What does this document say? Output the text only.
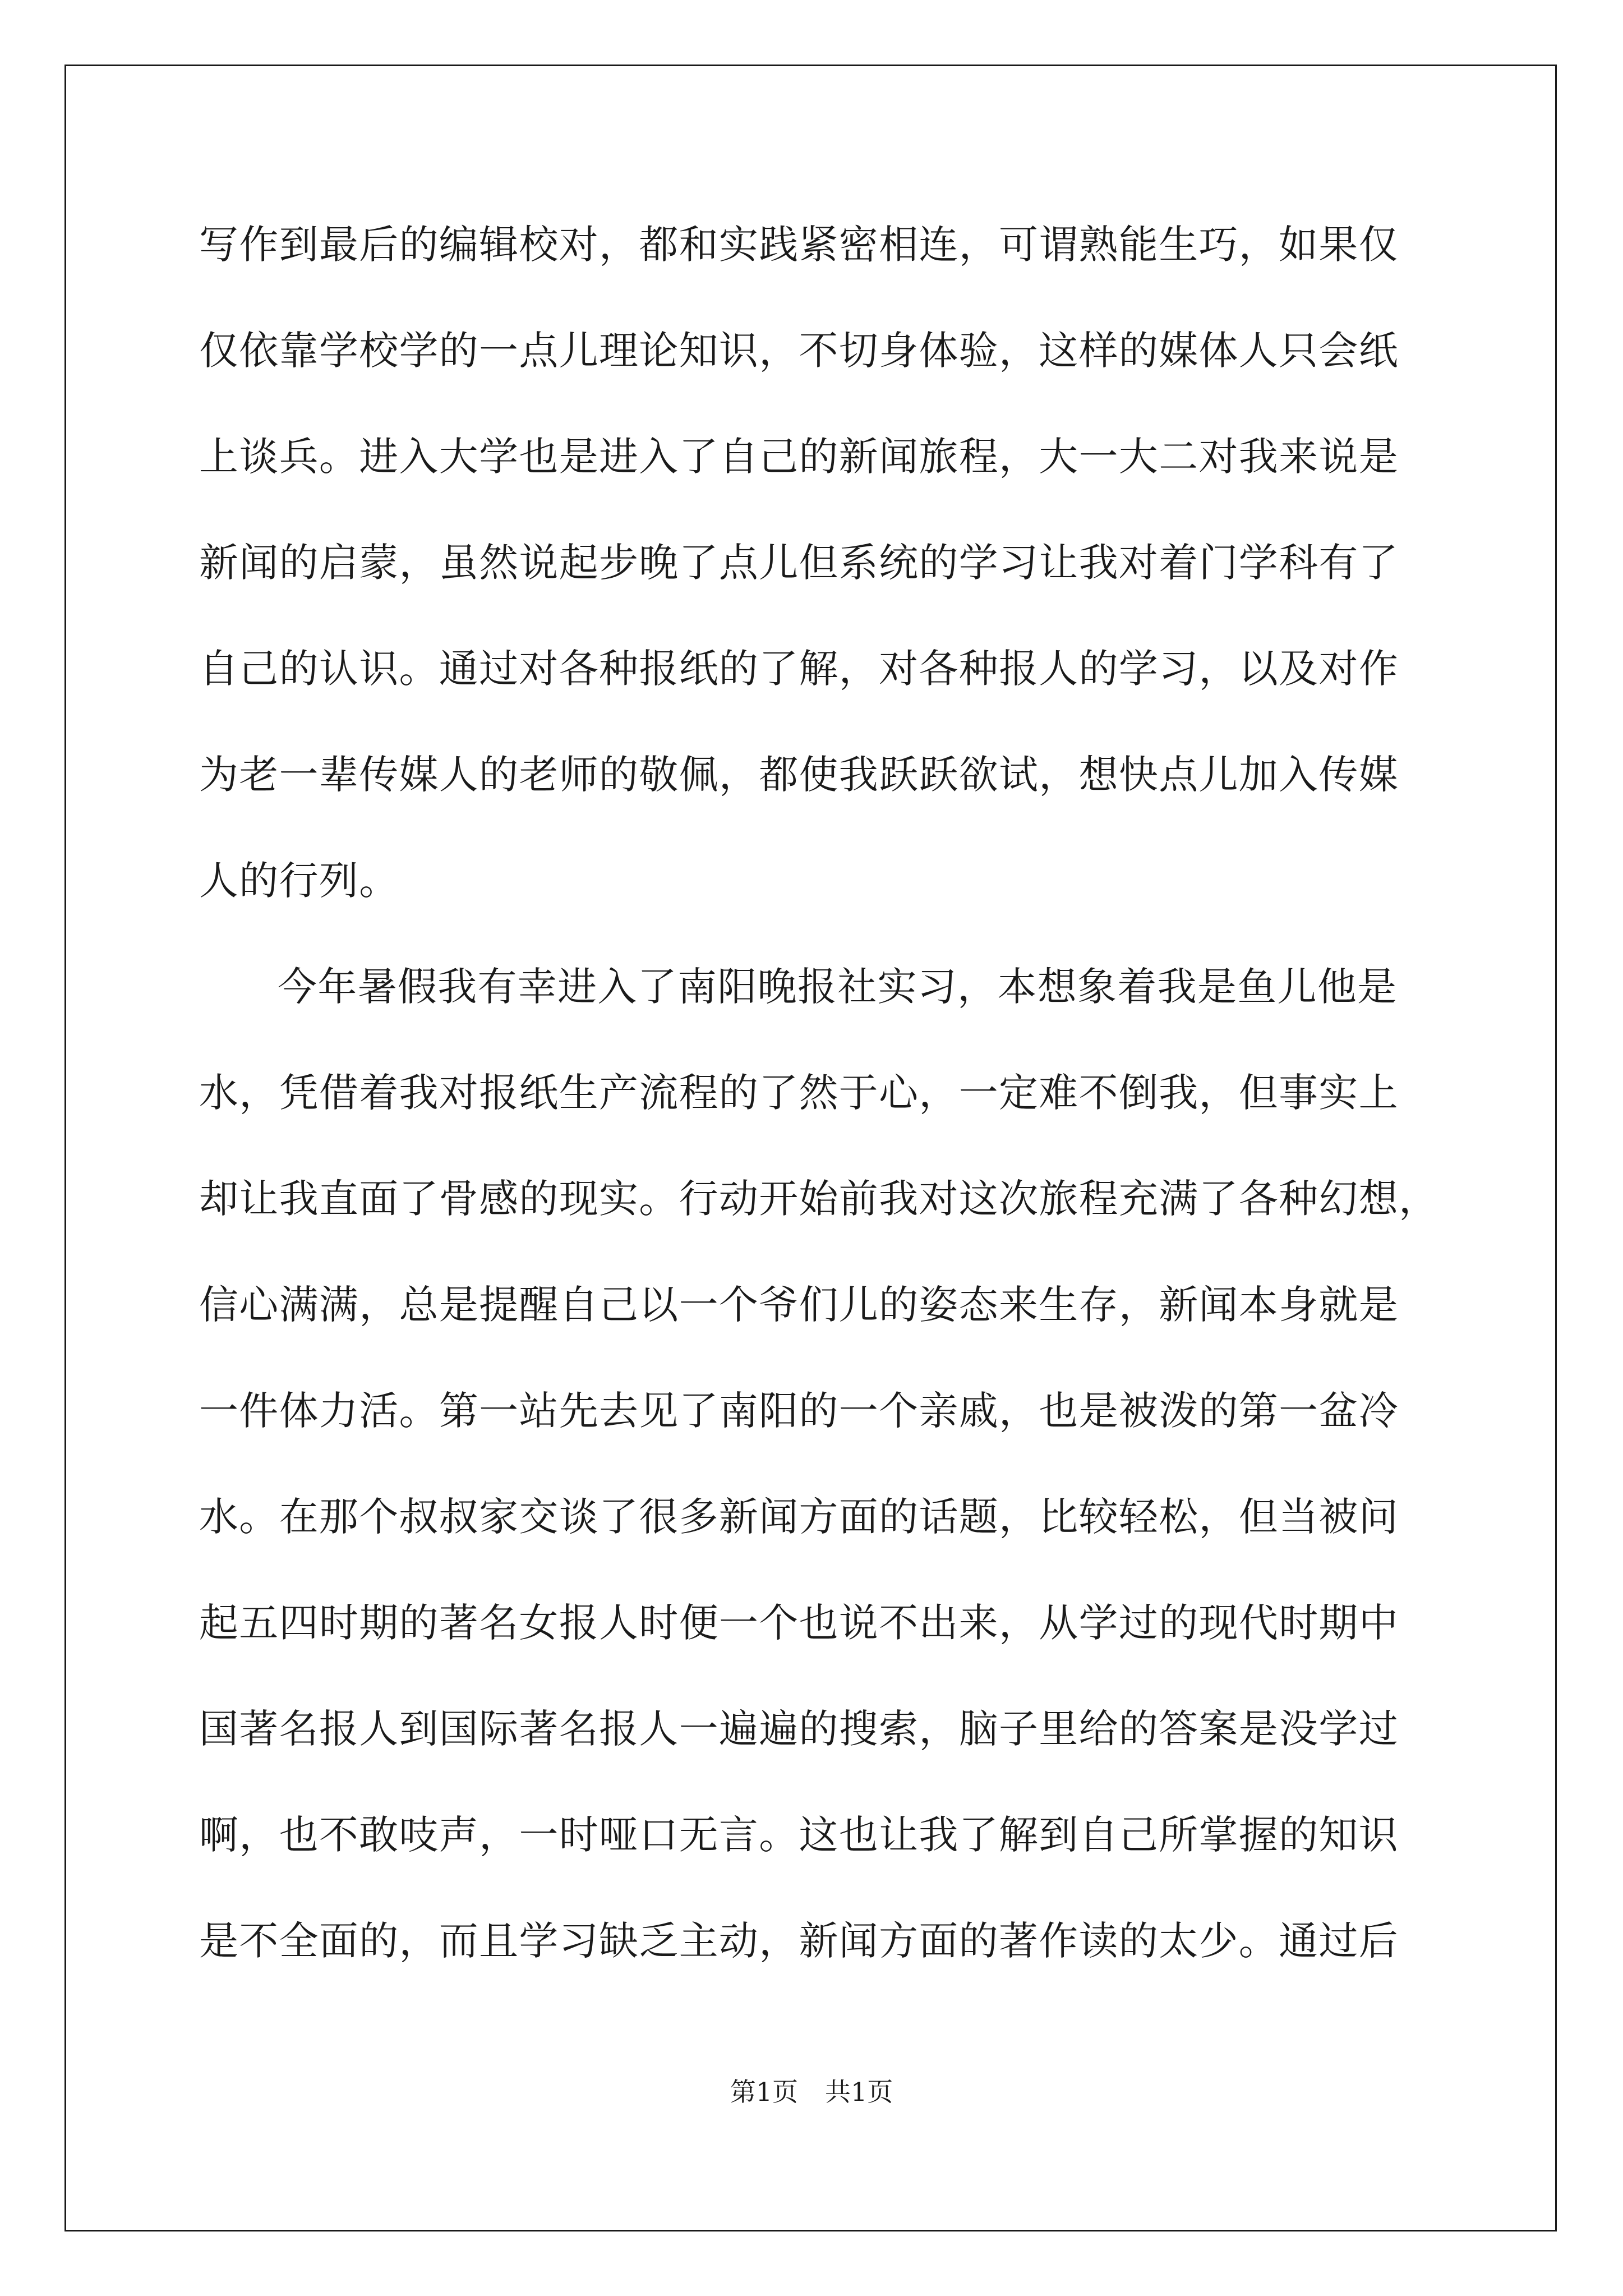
写作到最后的编辑校对，都和实践紧密相连，可谓熟能生巧，如果仅
仅依靠学校学的一点儿理论知识，不切身体验，这样的媒体人只会纸
上谈兵。进入大学也是进入了自己的新闻旅程，大一大二对我来说是
新闻的启蒙，虽然说起步晚了点儿但系统的学习让我对着门学科有了
自己的认识。通过对各种报纸的了解，对各种报人的学习，以及对作
为老一辈传媒人的老师的敬佩，都使我跃跃欲试，想快点儿加入传媒
人的行列。
今年暑假我有幸进入了南阳晚报社实习，本想象着我是鱼儿他是
水，凭借着我对报纸生产流程的了然于心，一定难不倒我，但事实上
却让我直面了骨感的现实。行动开始前我对这次旅程充满了各种幻想，
信心满满，总是提醒自己以一个爷们儿的姿态来生存，新闻本身就是
一件体力活。第一站先去见了南阳的一个亲戚，也是被泼的第一盆冷
水。在那个叔叔家交谈了很多新闻方面的话题，比较轻松，但当被问
起五四时期的著名女报人时便一个也说不出来，从学过的现代时期中
国著名报人到国际著名报人一遍遍的搜索，脑子里给的答案是没学过
啊，也不敢吱声，一时哑口无言。这也让我了解到自己所掌握的知识
是不全面的，而且学习缺乏主动，新闻方面的著作读的太少。通过后
第1页 共1页
